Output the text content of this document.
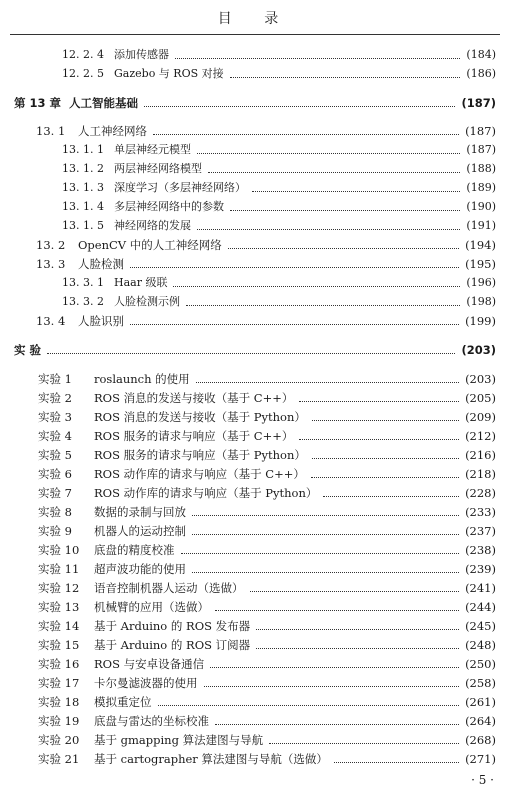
目 录
12. 2. 4 添加传感器	(184)
12. 2. 5 Gazebo 与 ROS 对接	(186)
第 13 章 人工智能基础	(187)
13. 1	人工神经网络	(187)
13. 1. 1 单层神经元模型	(187)
13. 1. 2 两层神经网络模型	(188)
13. 1. 3 深度学习（多层神经网络）	(189)
13. 1. 4 多层神经网络中的参数	(190)
13. 1. 5 神经网络的发展	(191)
13. 2	OpenCV 中的人工神经网络	(194)
13. 3	人脸检测	(195)
13. 3. 1 Haar 级联	(196)
13. 3. 2 人脸检测示例	(198)
13. 4	人脸识别	(199)
实 验	(203)
实验 1	roslaunch 的使用	(203)
实验 2	ROS 消息的发送与接收（基于 C++）	(205)
实验 3	ROS 消息的发送与接收（基于 Python）	(209)
实验 4	ROS 服务的请求与响应（基于 C++）	(212)
实验 5	ROS 服务的请求与响应（基于 Python）	(216)
实验 6	ROS 动作库的请求与响应（基于 C++）	(218)
实验 7	ROS 动作库的请求与响应（基于 Python）	(228)
实验 8	数据的录制与回放	(233)
实验 9	机器人的运动控制	(237)
实验 10	底盘的精度校准	(238)
实验 11	超声波功能的使用	(239)
实验 12	语音控制机器人运动（选做）	(241)
实验 13	机械臂的应用（选做）	(244)
实验 14	基于 Arduino 的 ROS 发布器	(245)
实验 15	基于 Arduino 的 ROS 订阅器	(248)
实验 16	ROS 与安卓设备通信	(250)
实验 17	卡尔曼滤波器的使用	(258)
实验 18	模拟重定位	(261)
实验 19	底盘与雷达的坐标校准	(264)
实验 20	基于 gmapping 算法建图与导航	(268)
实验 21	基于 cartographer 算法建图与导航（选做）	(271)
· 5 ·
